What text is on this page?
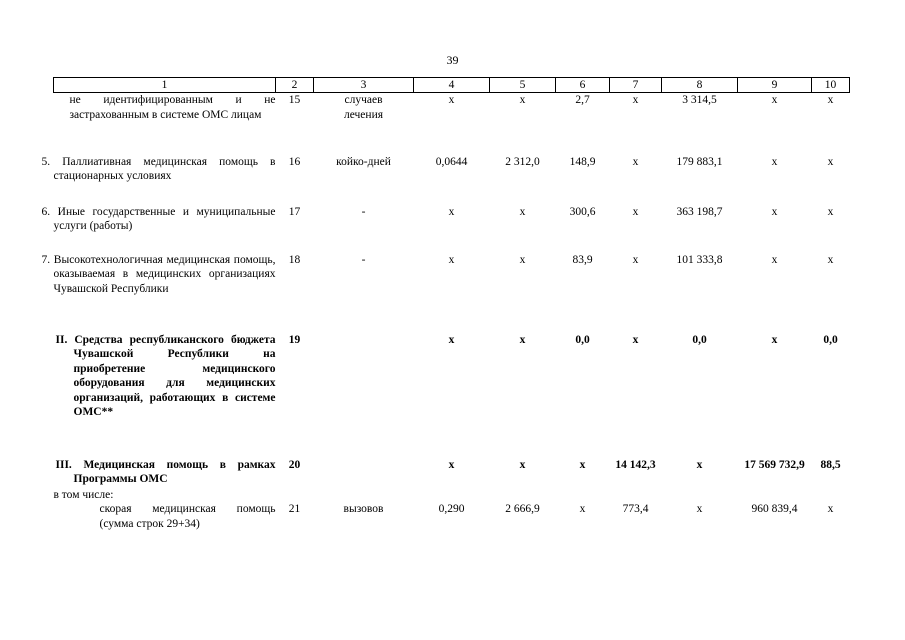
39
1	2	3	4	5	6	7	8	9	10
не идентифицированным и не застрахованным в системе ОМС лицам	15	случаев лечения	х	х	2,7	х	3 314,5	х	х
5. Паллиативная медицинская помощь в стационарных условиях	16	койко-дней	0,0644	2 312,0	148,9	х	179 883,1	х	х
6. Иные государственные и муниципальные услуги (работы)	17	-	х	х	300,6	х	363 198,7	х	х
7. Высокотехнологичная медицинская помощь, оказываемая в медицинских организациях Чувашской Республики	18	-	х	х	83,9	х	101 333,8	х	х
II. Средства республиканского бюджета Чувашской Республики на приобретение медицинского оборудования для медицинских организаций, работающих в системе ОМС**	19		х	х	0,0	х	0,0	х	0,0
III. Медицинская помощь в рамках Программы ОМС	20		х	х	х	14 142,3	х	17 569 732,9	88,5
в том числе:									
скорая медицинская помощь (сумма строк 29+34)	21	вызовов	0,290	2 666,9	х	773,4	х	960 839,4	х
